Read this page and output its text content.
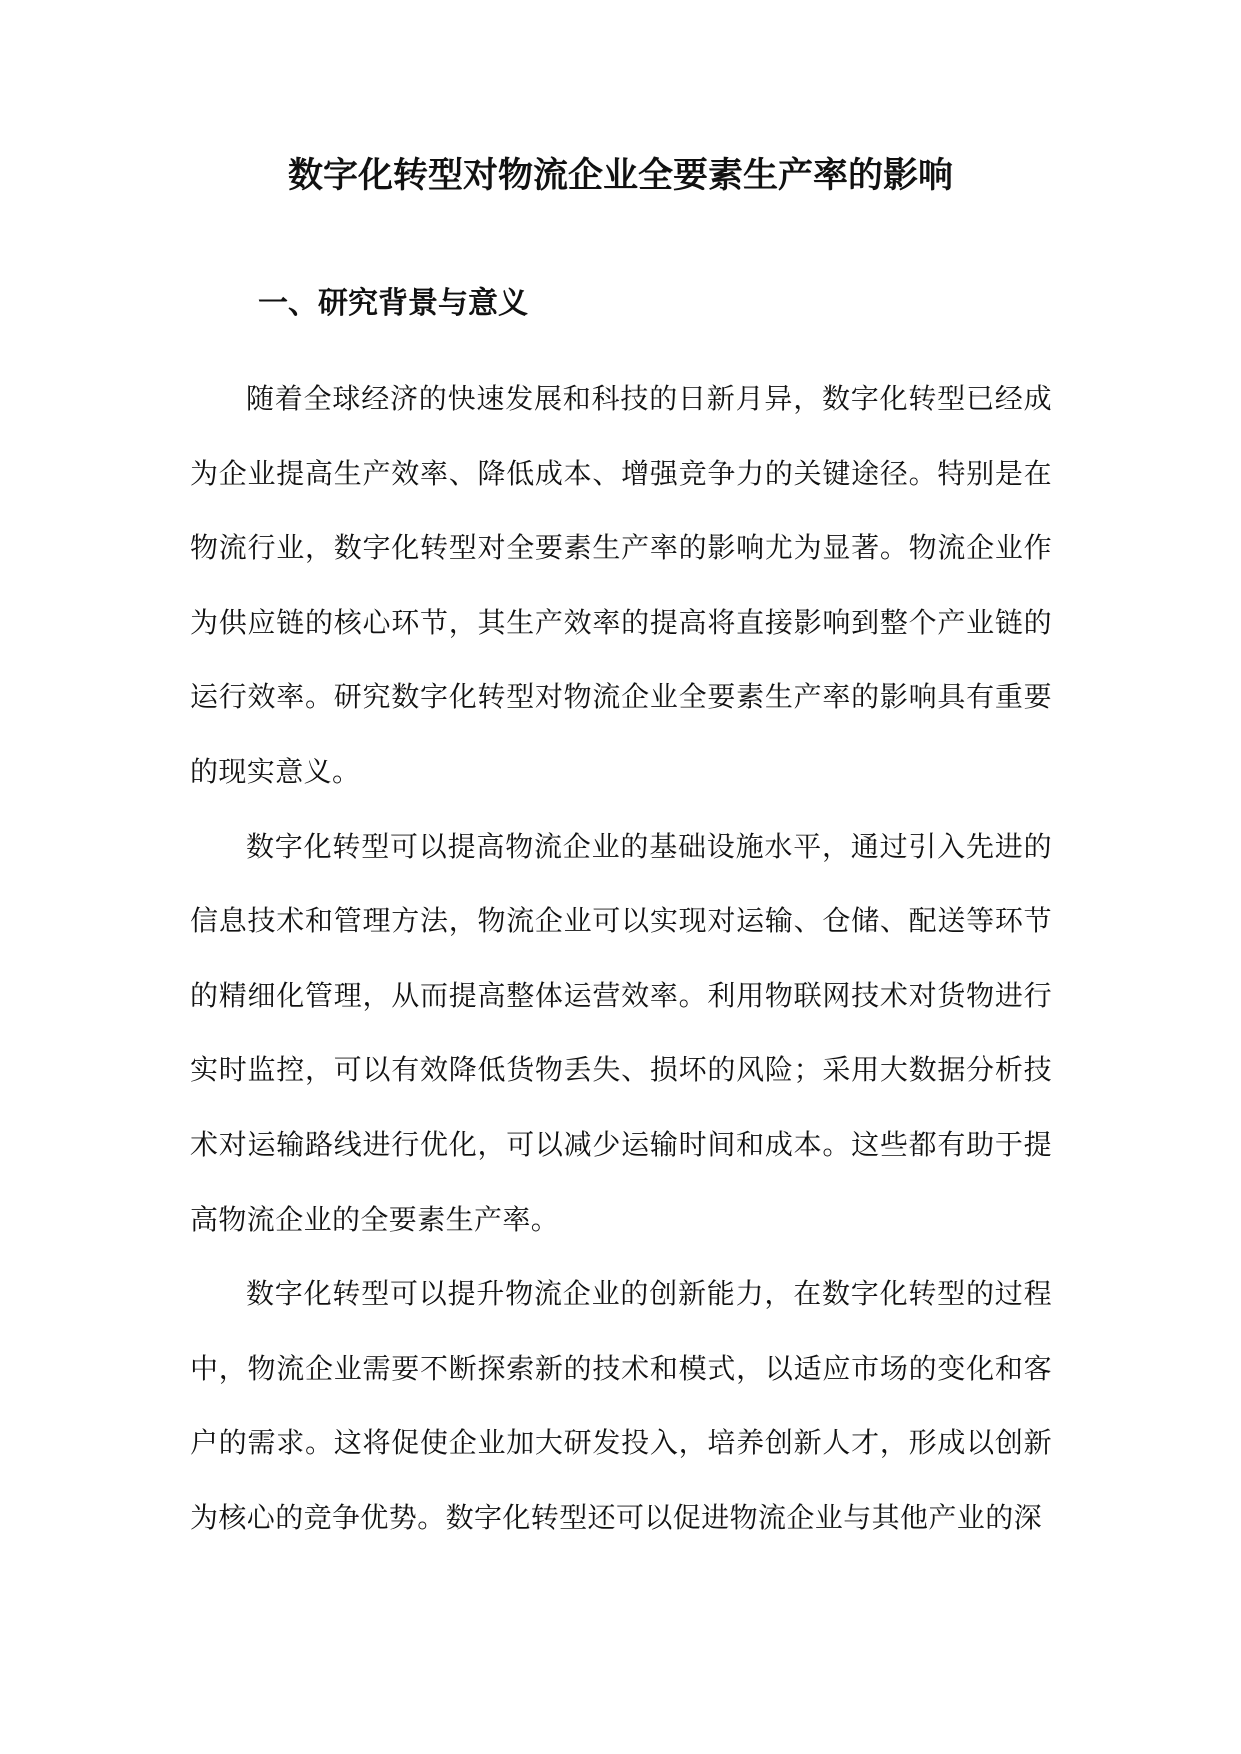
数字化转型对物流企业全要素生产率的影响
一、研究背景与意义

随着全球经济的快速发展和科技的日新月异，数字化转型已经成为企业提高生产效率、降低成本、增强竞争力的关键途径。特别是在物流行业，数字化转型对全要素生产率的影响尤为显著。物流企业作为供应链的核心环节，其生产效率的提高将直接影响到整个产业链的运行效率。研究数字化转型对物流企业全要素生产率的影响具有重要的现实意义。

数字化转型可以提高物流企业的基础设施水平，通过引入先进的信息技术和管理方法，物流企业可以实现对运输、仓储、配送等环节的精细化管理，从而提高整体运营效率。利用物联网技术对货物进行实时监控，可以有效降低货物丢失、损坏的风险；采用大数据分析技术对运输路线进行优化，可以减少运输时间和成本。这些都有助于提高物流企业的全要素生产率。

数字化转型可以提升物流企业的创新能力，在数字化转型的过程中，物流企业需要不断探索新的技术和模式，以适应市场的变化和客户的需求。这将促使企业加大研发投入，培养创新人才，形成以创新为核心的竞争优势。数字化转型还可以促进物流企业与其他产业的深
